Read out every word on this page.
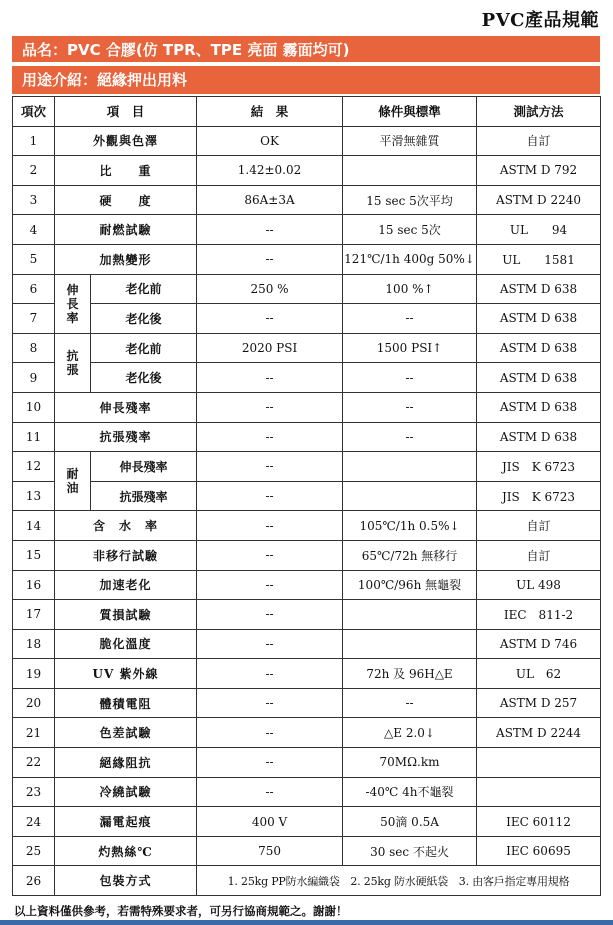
PVC產品規範
品名：PVC 合膠(仿 TPR、TPE 亮面 霧面均可)
用途介紹：絕緣押出用料
項次	項　目		結　果	條件與標準	測試方法
1	外觀與色澤		OK	平滑無雜質	自訂
2	比　　重		1.42±0.02		ASTM D 792
3	硬　　度		86A±3A	15 sec 5次平均	ASTM D 2240
4	耐燃試驗		--	15 sec 5次	UL　　94
5	加熱變形		--	121℃/1h 400g 50%↓	UL　　1581
6	伸長率	老化前	250 %	100 %↑	ASTM D 638
7		老化後	--	--	ASTM D 638
8	抗張	老化前	2020 PSI	1500 PSI↑	ASTM D 638
9		老化後	--	--	ASTM D 638
10	伸長殘率		--	--	ASTM D 638
11	抗張殘率		--	--	ASTM D 638
12	耐油	伸長殘率	--		JIS　K 6723
13		抗張殘率	--		JIS　K 6723
14	含　水　率		--	105℃/1h 0.5%↓	自訂
15	非移行試驗		--	65℃/72h 無移行	自訂
16	加速老化		--	100℃/96h 無龜裂	UL 498
17	質損試驗		--		IEC　811-2
18	脆化溫度		--		ASTM D 746
19	UV 紫外線		--	72h 及 96H△E	UL　62
20	體積電阻		--	--	ASTM D 257
21	色差試驗		--	△E 2.0↓	ASTM D 2244
22	絕緣阻抗		--	70MΩ.km	
23	冷繞試驗		--	-40℃ 4h不龜裂	
24	漏電起痕		400 V	50滴 0.5A	IEC 60112
25	灼熱絲℃		750	30 sec 不起火	IEC 60695
26	包裝方式		1. 25kg PP防水編織袋　2. 25kg 防水硬紙袋　3. 由客戶指定專用規格		
以上資料僅供參考，若需特殊要求者，可另行協商規範之。謝謝！
